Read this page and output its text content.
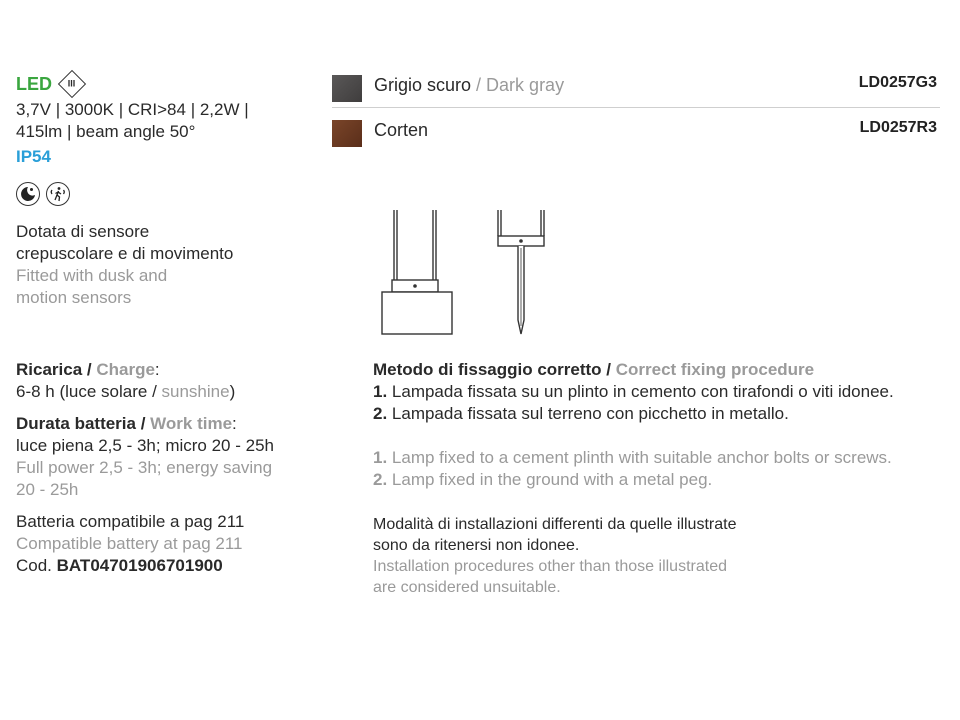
LED III
3,7V | 3000K | CRI>84 | 2,2W |
415lm | beam angle 50°
IP54
Dotata di sensore
crepuscolare e di movimento
Fitted with dusk and
motion sensors
Ricarica / Charge:
6-8 h (luce solare / sunshine)
Durata batteria / Work time:
luce piena 2,5 - 3h; micro 20 - 25h
Full power 2,5 - 3h; energy saving
20 - 25h
Batteria compatibile a pag 211
Compatible battery at pag 211
Cod. BAT04701906701900
Grigio scuro / Dark gray	LD0257G3
Corten	LD0257R3
Metodo di fissaggio corretto / Correct fixing procedure
1. Lampada fissata su un plinto in cemento con tirafondi o viti idonee.
2. Lampada fissata sul terreno con picchetto in metallo.
1. Lamp fixed to a cement plinth with suitable anchor bolts or screws.
2. Lamp fixed in the ground with a metal peg.
Modalità di installazioni differenti da quelle illustrate
sono da ritenersi non idonee.
Installation procedures other than those illustrated
are considered unsuitable.
